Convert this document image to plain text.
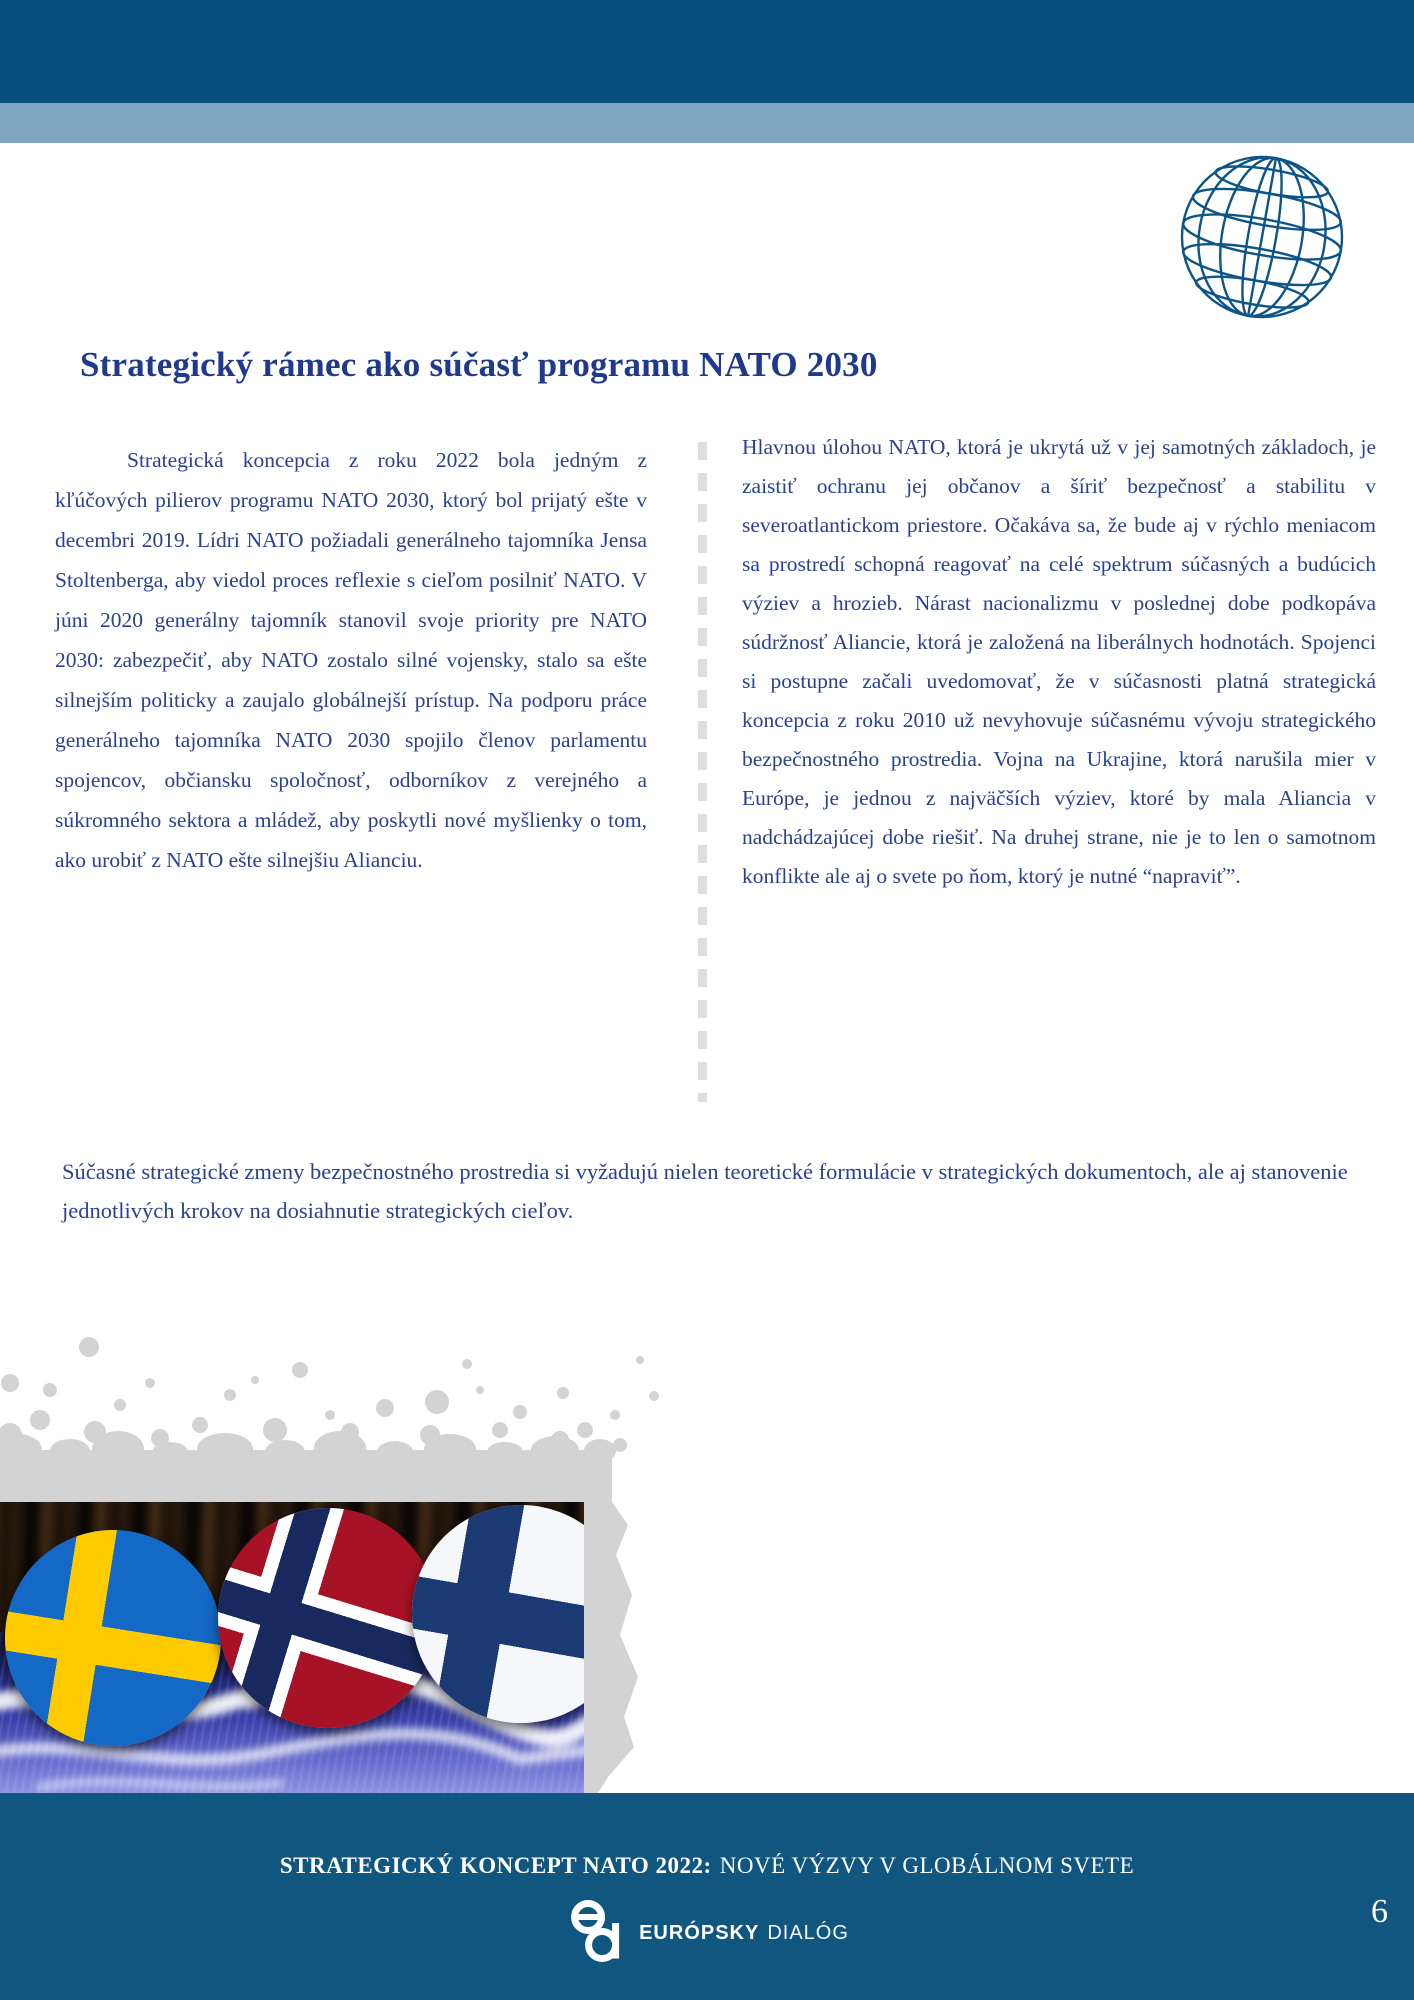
Strategický rámec ako súčasť programu NATO 2030
Strategická koncepcia z roku 2022 bola jedným z kľúčových pilierov programu NATO 2030, ktorý bol prijatý ešte v decembri 2019. Lídri NATO požiadali generálneho tajomníka Jensa Stoltenberga, aby viedol proces reflexie s cieľom posilniť NATO. V júni 2020 generálny tajomník stanovil svoje priority pre NATO 2030: zabezpečiť, aby NATO zostalo silné vojensky, stalo sa ešte silnejším politicky a zaujalo globálnejší prístup. Na podporu práce generálneho tajomníka NATO 2030 spojilo členov parlamentu spojencov, občiansku spoločnosť, odborníkov z verejného a súkromného sektora a mládež, aby poskytli nové myšlienky o tom, ako urobiť z NATO ešte silnejšiu Alianciu.
Hlavnou úlohou NATO, ktorá je ukrytá už v jej samotných základoch, je zaistiť ochranu jej občanov a šíriť bezpečnosť a stabilitu v severoatlantickom priestore. Očakáva sa, že bude aj v rýchlo meniacom sa prostredí schopná reagovať na celé spektrum súčasných a budúcich výziev a hrozieb. Nárast nacionalizmu v poslednej dobe podkopáva súdržnosť Aliancie, ktorá je založená na liberálnych hodnotách. Spojenci si postupne začali uvedomovať, že v súčasnosti platná strategická koncepcia z roku 2010 už nevyhovuje súčasnému vývoju strategického bezpečnostného prostredia. Vojna na Ukrajine, ktorá narušila mier v Európe, je jednou z najväčších výziev, ktoré by mala Aliancia v nadchádzajúcej dobe riešiť. Na druhej strane, nie je to len o samotnom konflikte ale aj o svete po ňom, ktorý je nutné “napraviť”.
Súčasné strategické zmeny bezpečnostného prostredia si vyžadujú nielen teoretické formulácie v strategických dokumentoch, ale aj stanovenie jednotlivých krokov na dosiahnutie strategických cieľov.
STRATEGICKÝ KONCEPT NATO 2022: NOVÉ VÝZVY V GLOBÁLNOM SVETE
EURÓPSKY DIALÓG
6
